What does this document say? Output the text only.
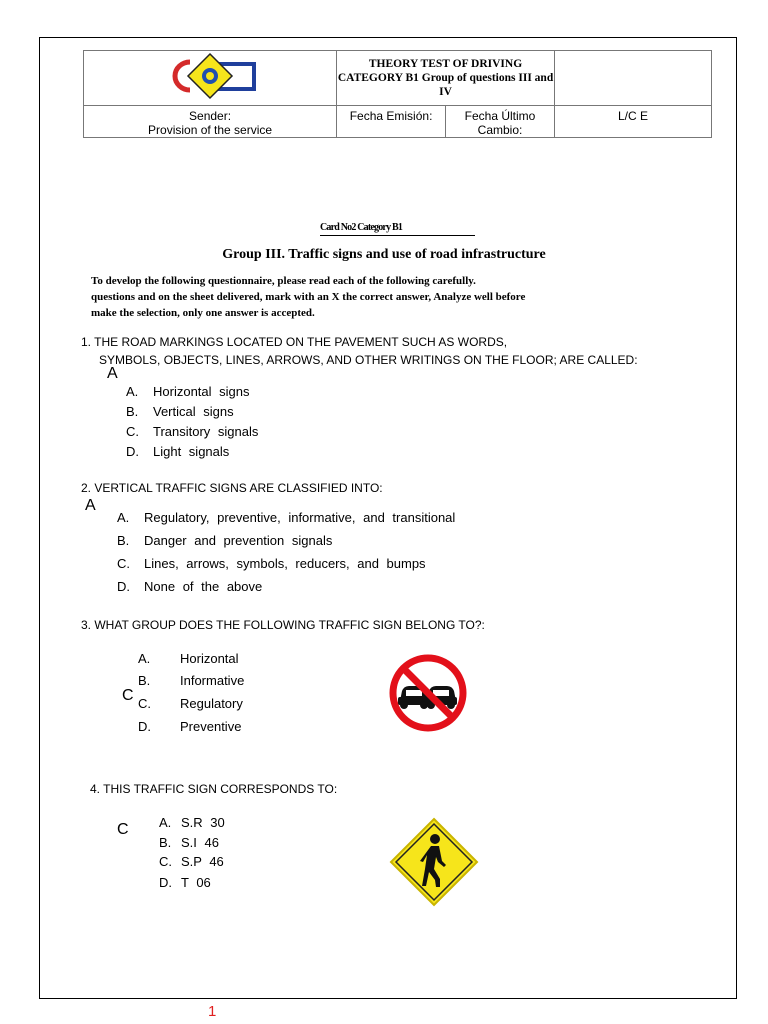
THEORY TEST OF DRIVING
CATEGORY B1 Group of questions III and IV		

Sender:
Provision of the service	Fecha Emisión:	Fecha Último Cambio:	L/C E
Card No2 Category B1
Group III. Traffic signs and use of road infrastructure
To develop the following questionnaire, please read each of the following carefully.
questions and on the sheet delivered, mark with an X the correct answer, Analyze well before
make the selection, only one answer is accepted.
1. THE ROAD MARKINGS LOCATED ON THE PAVEMENT SUCH AS WORDS,
SYMBOLS, OBJECTS, LINES, ARROWS, AND OTHER WRITINGS ON THE FLOOR; ARE CALLED:
A
A. Horizontal signs
B. Vertical signs
C. Transitory signals
D. Light signals
2. VERTICAL TRAFFIC SIGNS ARE CLASSIFIED INTO:
A
A. Regulatory, preventive, informative, and transitional
B. Danger and prevention signals
C. Lines, arrows, symbols, reducers, and bumps
D. None of the above
3. WHAT GROUP DOES THE FOLLOWING TRAFFIC SIGN BELONG TO?:
A. Horizontal
B. Informative
C C. Regulatory
D. Preventive
4. THIS TRAFFIC SIGN CORRESPONDS TO:
C A. S.R 30
B. S.I 46
C. S.P 46
D. T 06
1
